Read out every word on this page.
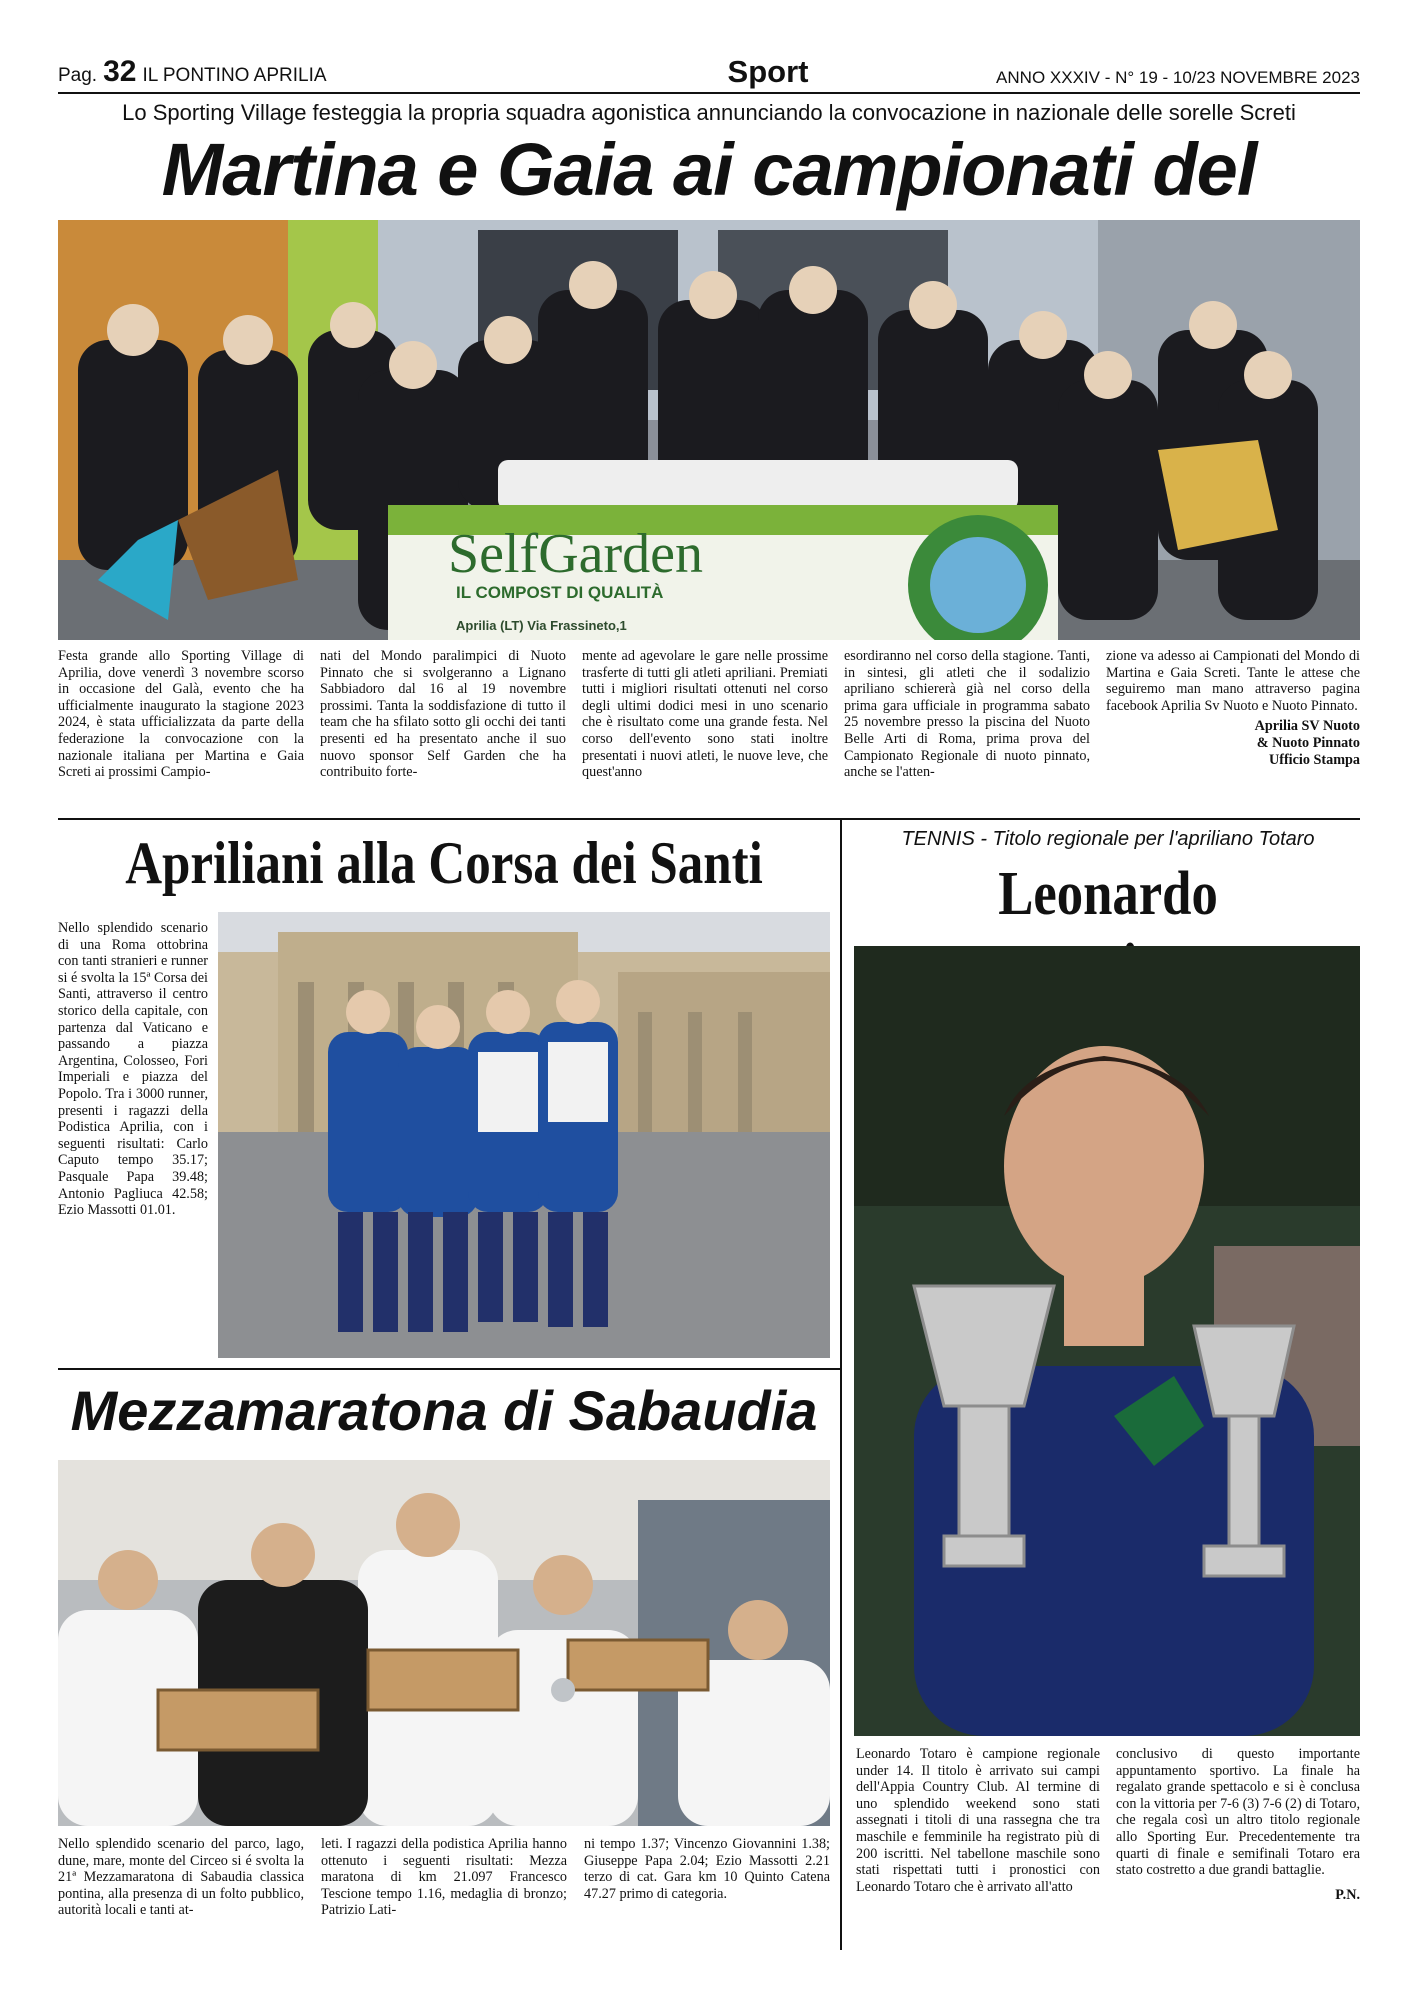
Pag. 32 IL PONTINO APRILIA	Sport	ANNO XXXIV - N° 19 - 10/23 NOVEMBRE 2023
Lo Sporting Village festeggia la propria squadra agonistica annunciando la convocazione in nazionale delle sorelle Screti
Martina e Gaia ai campionati del
SelfGarden
IL COMPOST DI QUALITÀ
Aprilia (LT) Via Frassineto,1
Festa grande allo Sporting Village di Aprilia, dove venerdì 3 novembre scorso in occasione del Galà, evento che ha ufficialmente inaugurato la stagione 2023 2024, è stata ufficializzata da parte della federazione la convocazione con la nazionale italiana per Martina e Gaia Screti ai prossimi Campio-
nati del Mondo paralimpici di Nuoto Pinnato che si svolgeranno a Lignano Sabbiadoro dal 16 al 19 novembre prossimi. Tanta la soddisfazione di tutto il team che ha sfilato sotto gli occhi dei tanti presenti ed ha presentato anche il suo nuovo sponsor Self Garden che ha contribuito forte-
mente ad agevolare le gare nelle prossime trasferte di tutti gli atleti apriliani. Premiati tutti i migliori risultati ottenuti nel corso degli ultimi dodici mesi in uno scenario che è risultato come una grande festa. Nel corso dell'evento sono stati inoltre presentati i nuovi atleti, le nuove leve, che quest'anno
esordiranno nel corso della stagione. Tanti, in sintesi, gli atleti che il sodalizio apriliano schiererà già nel corso della prima gara ufficiale in programma sabato 25 novembre presso la piscina del Nuoto Belle Arti di Roma, prima prova del Campionato Regionale di nuoto pinnato, anche se l'atten-
zione va adesso ai Campionati del Mondo di Martina e Gaia Screti. Tante le attese che seguiremo man mano attraverso pagina facebook Aprilia Sv Nuoto e Nuoto Pinnato.
Aprilia SV Nuoto
& Nuoto Pinnato
Ufficio Stampa
Apriliani alla Corsa dei Santi
Nello splendido scenario di una Roma ottobrina con tanti stranieri e runner si é svolta la 15ª Corsa dei Santi, attraverso il centro storico della capitale, con partenza dal Vaticano e passando a piazza Argentina, Colosseo, Fori Imperiali e piazza del Popolo. Tra i 3000 runner, presenti i ragazzi della Podistica Aprilia, con i seguenti risultati: Carlo Caputo tempo 35.17; Pasquale Papa 39.48; Antonio Pagliuca 42.58; Ezio Massotti 01.01.
Mezzamaratona di Sabaudia
Nello splendido scenario del parco, lago, dune, mare, monte del Circeo si é svolta la 21ª Mezzamaratona di Sabaudia classica pontina, alla presenza di un folto pubblico, autorità locali e tanti at-
leti. I ragazzi della podistica Aprilia hanno ottenuto i seguenti risultati: Mezza maratona di km 21.097 Francesco Tescione tempo 1.16, medaglia di bronzo; Patrizio Lati-
ni tempo 1.37; Vincenzo Giovannini 1.38; Giuseppe Papa 2.04; Ezio Massotti 2.21 terzo di cat. Gara km 10 Quinto Catena 47.27 primo di categoria.
TENNIS - Titolo regionale per l'apriliano Totaro
Leonardo
Leonardo Totaro è campione regionale under 14. Il titolo è arrivato sui campi dell'Appia Country Club. Al termine di uno splendido weekend sono stati assegnati i titoli di una rassegna che tra maschile e femminile ha registrato più di 200 iscritti. Nel tabellone maschile sono stati rispettati tutti i pronostici con Leonardo Totaro che è arrivato all'atto
conclusivo di questo importante appuntamento sportivo. La finale ha regalato grande spettacolo e si è conclusa con la vittoria per 7-6 (3) 7-6 (2) di Totaro, che regala così un altro titolo regionale allo Sporting Eur. Precedentemente tra quarti di finale e semifinali Totaro era stato costretto a due grandi battaglie.
P.N.
